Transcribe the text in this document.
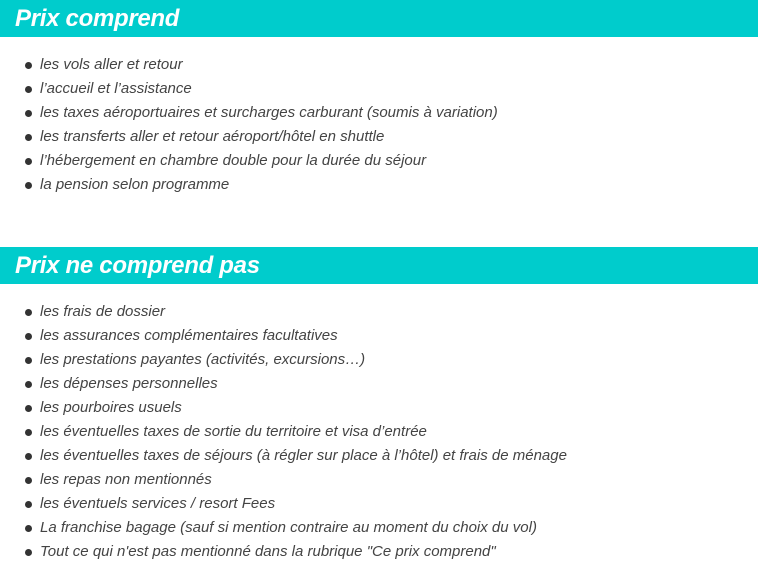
Prix comprend
les vols aller et retour
l’accueil et l’assistance
les taxes aéroportuaires et surcharges carburant (soumis à variation)
les transferts aller et retour aéroport/hôtel en shuttle
l’hébergement en chambre double pour la durée du séjour
la pension selon programme
Prix ne comprend pas
les frais de dossier
les assurances complémentaires facultatives
les prestations payantes (activités, excursions…)
les dépenses personnelles
les pourboires usuels
les éventuelles taxes de sortie du territoire et visa d’entrée
les éventuelles taxes de séjours (à régler sur place à l’hôtel) et frais de ménage
les repas non mentionnés
les éventuels services / resort Fees
La franchise bagage (sauf si mention contraire au moment du choix du vol)
Tout ce qui n'est pas mentionné dans la rubrique "Ce prix comprend"
